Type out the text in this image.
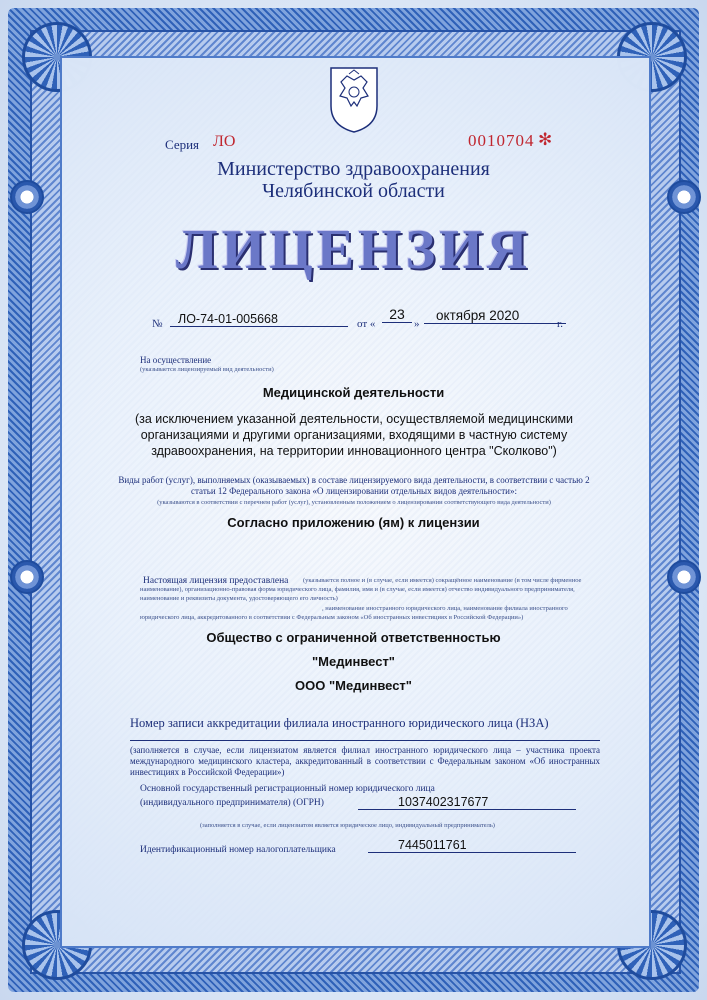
Серия ЛО	0010704 ✻
Министерство здравоохранения
Челябинской области
ЛИЦЕНЗИЯ
№	ЛО-74-01-005668	от «
23
»
октября 2020
г.
На осуществление
(указывается лицензируемый вид деятельности)
Медицинской деятельности
(за исключением указанной деятельности, осуществляемой медицинскими организациями и другими организациями, входящими в частную систему здравоохранения, на территории инновационного центра "Сколково")
Виды работ (услуг), выполняемых (оказываемых) в составе лицензируемого вида деятельности, в соответствии с частью 2 статьи 12 Федерального закона «О лицензировании отдельных видов деятельности»:
(указываются в соответствии с перечнем работ (услуг), установленным положением о лицензировании соответствующего вида деятельности)
Согласно приложению (ям) к лицензии
Настоящая лицензия предоставлена	(указывается полное и (в случае, если имеется) сокращённое наименование (в том числе фирменное наименование), организационно-правовая форма юридического лица, фамилия, имя и (в случае, если имеется) отчество индивидуального предпринимателя, наименование и реквизиты документа, удостоверяющего его личность)
, наименование иностранного юридического лица, наименование филиала иностранного юридического лица, аккредитованного в соответствии с Федеральным законом «Об иностранных инвестициях в Российской Федерации»)
Общество с ограниченной ответственностью
"Мединвест"
ООО "Мединвест"
Номер записи аккредитации филиала иностранного юридического лица (НЗА)
(заполняется в случае, если лицензиатом является филиал иностранного юридического лица – участника проекта международного медицинского кластера, аккредитованный в соответствии с Федеральным законом «Об иностранных инвестициях в Российской Федерации»)
Основной государственный регистрационный номер юридического лица
(индивидуального предпринимателя) (ОГРН)	1037402317677
(заполняется в случае, если лицензиатом является юридическое лицо, индивидуальный предприниматель)
Идентификационный номер налогоплательщика	7445011761
